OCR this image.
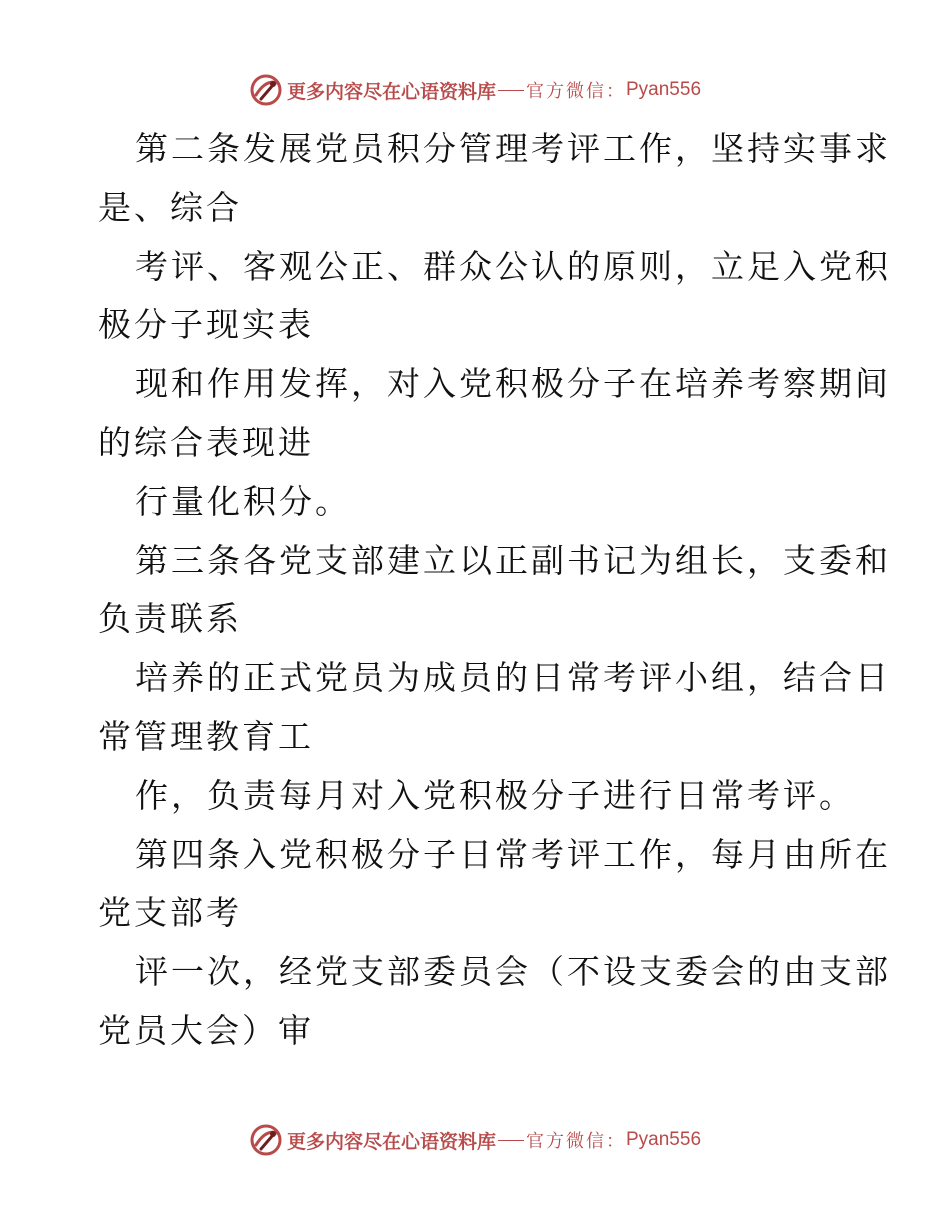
更多内容尽在心语资料库 官方微信： Pyan556
第二条发展党员积分管理考评工作，坚持实事求
是、综合
考评、客观公正、群众公认的原则，立足入党积
极分子现实表
现和作用发挥，对入党积极分子在培养考察期间
的综合表现进
行量化积分。
第三条各党支部建立以正副书记为组长，支委和
负责联系
培养的正式党员为成员的日常考评小组，结合日
常管理教育工
作，负责每月对入党积极分子进行日常考评。
第四条入党积极分子日常考评工作，每月由所在
党支部考
评一次，经党支部委员会（不设支委会的由支部
党员大会）审
更多内容尽在心语资料库 官方微信： Pyan556
